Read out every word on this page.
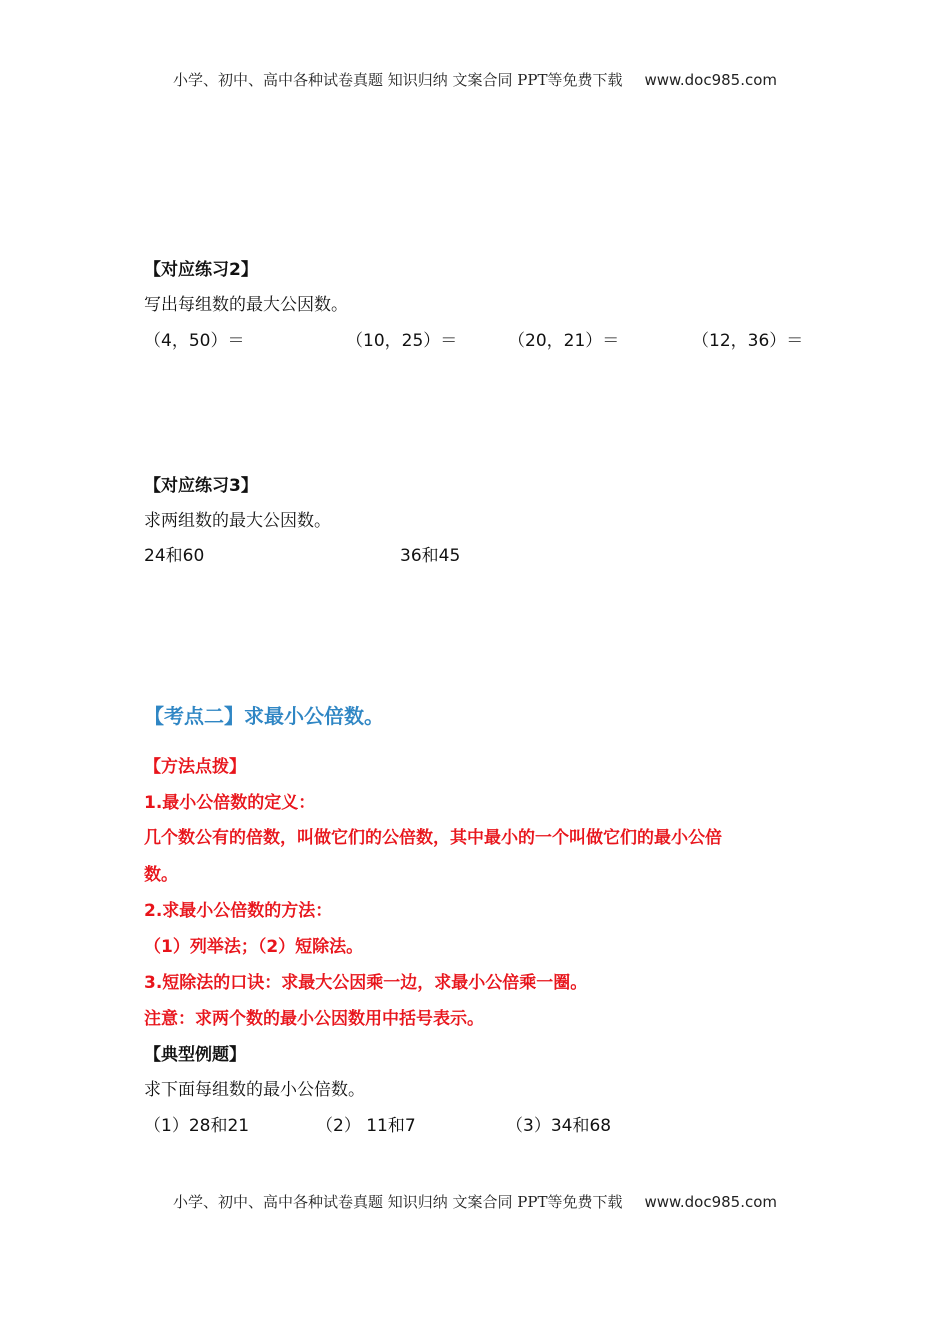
小学、初中、高中各种试卷真题 知识归纳 文案合同 PPT等免费下载 www.doc985.com
【对应练习2】
写出每组数的最大公因数。
（4，50）＝	（10，25）＝	（20，21）＝	（12，36）＝
【对应练习3】
求两组数的最大公因数。
24和60	36和45
【考点二】求最小公倍数。
【方法点拨】
1.最小公倍数的定义：
几个数公有的倍数，叫做它们的公倍数，其中最小的一个叫做它们的最小公倍
数。
2.求最小公倍数的方法：
（1）列举法；（2）短除法。
3.短除法的口诀：求最大公因乘一边，求最小公倍乘一圈。
注意：求两个数的最小公因数用中括号表示。
【典型例题】
求下面每组数的最小公倍数。
（1）28和21	（2） 11和7	（3）34和68
小学、初中、高中各种试卷真题 知识归纳 文案合同 PPT等免费下载 www.doc985.com
